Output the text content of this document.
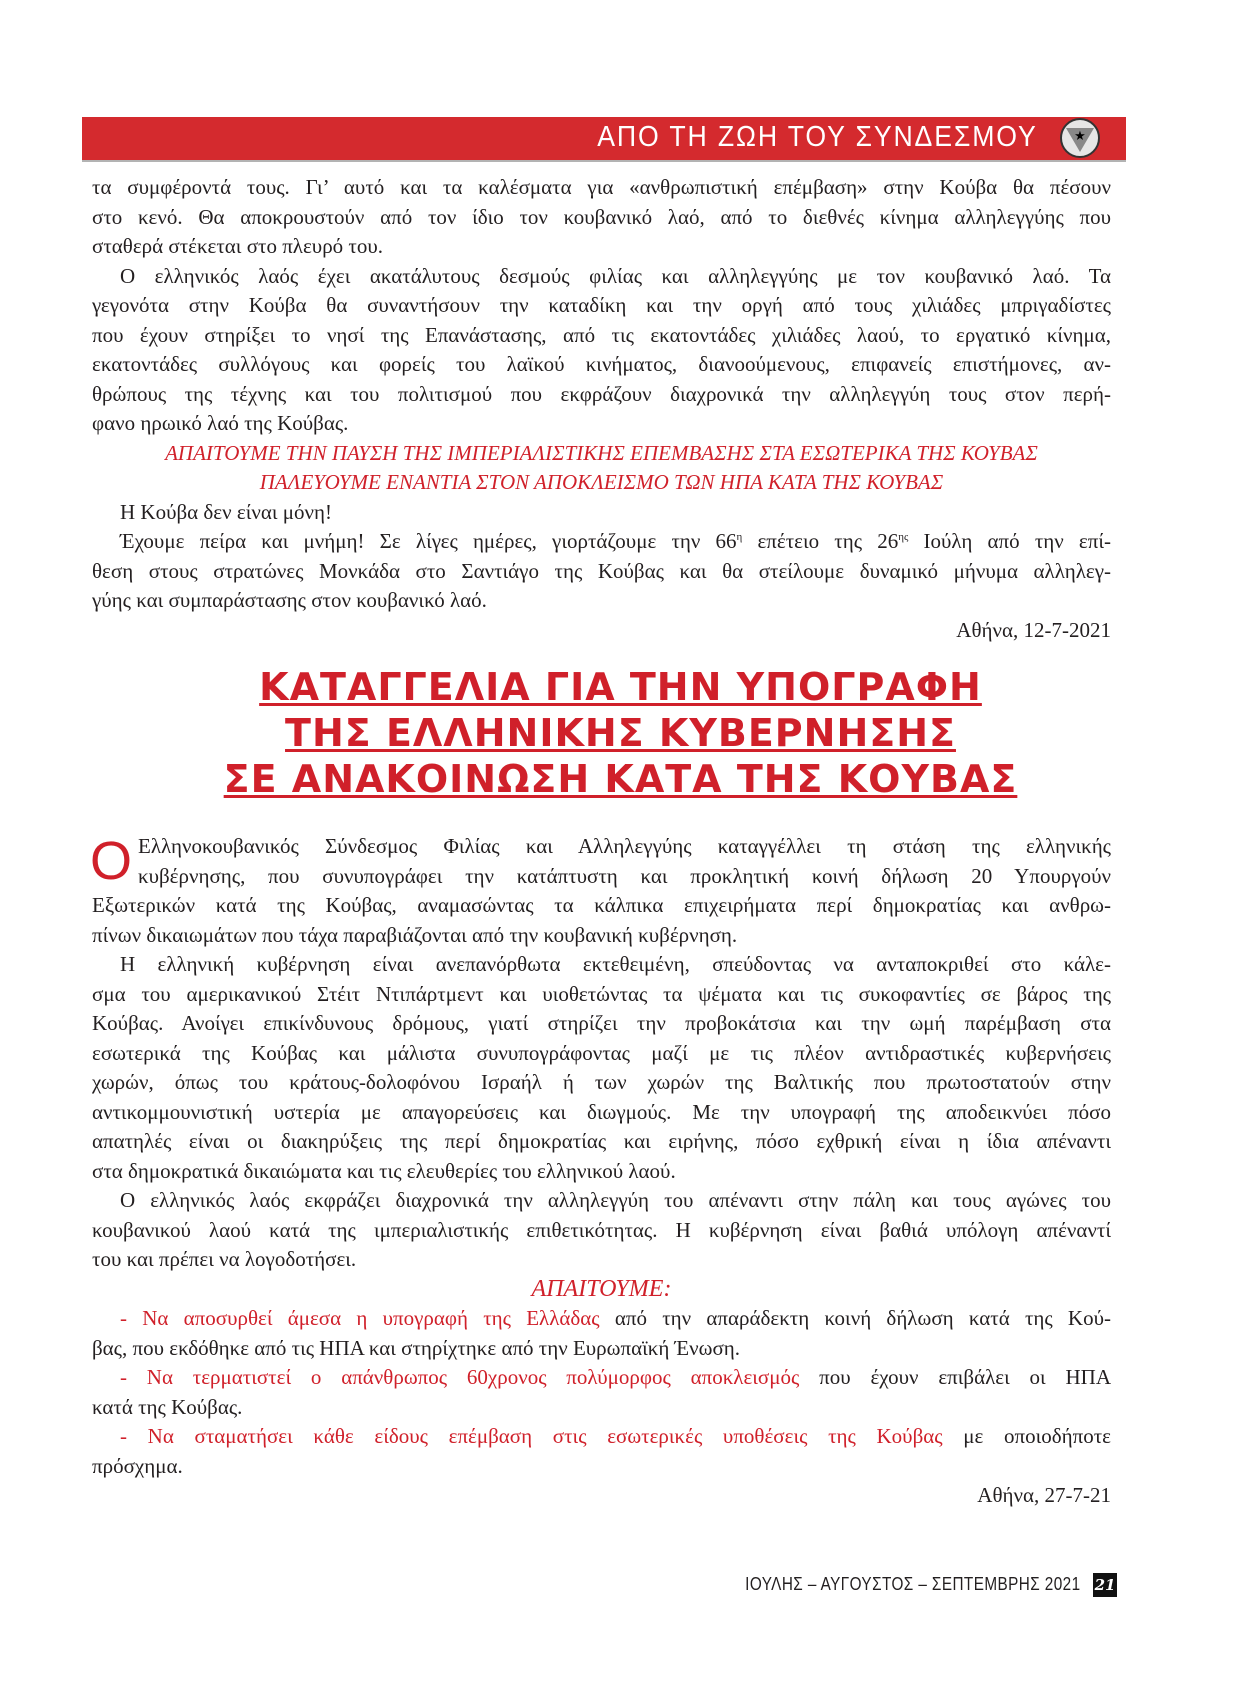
ΑΠΟ ΤΗ ΖΩΗ ΤΟΥ ΣΥΝΔΕΣΜΟΥ	★
τα συμφέροντά τους. Γι’ αυτό και τα καλέσματα για «ανθρωπιστική επέμβαση» στην Κούβα θα πέσουν
στο κενό. Θα αποκρουστούν από τον ίδιο τον κουβανικό λαό, από το διεθνές κίνημα αλληλεγγύης που
σταθερά στέκεται στο πλευρό του.
Ο ελληνικός λαός έχει ακατάλυτους δεσμούς φιλίας και αλληλεγγύης με τον κουβανικό λαό. Τα
γεγονότα στην Κούβα θα συναντήσουν την καταδίκη και την οργή από τους χιλιάδες μπριγαδίστες
που έχουν στηρίξει το νησί της Επανάστασης, από τις εκατοντάδες χιλιάδες λαού, το εργατικό κίνημα,
εκατοντάδες συλλόγους και φορείς του λαϊκού κινήματος, διανοούμενους, επιφανείς επιστήμονες, αν-
θρώπους της τέχνης και του πολιτισμού που εκφράζουν διαχρονικά την αλληλεγγύη τους στον περή-
φανο ηρωικό λαό της Κούβας.
ΑΠΑΙΤΟΥΜΕ ΤΗΝ ΠΑΥΣΗ ΤΗΣ ΙΜΠΕΡΙΑΛΙΣΤΙΚΗΣ ΕΠΕΜΒΑΣΗΣ ΣΤΑ ΕΣΩΤΕΡΙΚΑ ΤΗΣ ΚΟΥΒΑΣ
ΠΑΛΕΥΟΥΜΕ ΕΝΑΝΤΙΑ ΣΤΟΝ ΑΠΟΚΛΕΙΣΜΟ ΤΩΝ ΗΠΑ ΚΑΤΑ ΤΗΣ ΚΟΥΒΑΣ
Η Κούβα δεν είναι μόνη!
Έχουμε πείρα και μνήμη! Σε λίγες ημέρες, γιορτάζουμε την $66^\eta$ επέτειο της $26^{\eta\varsigma}$ Ιούλη από την επί-
θεση στους στρατώνες Μονκάδα στο Σαντιάγο της Κούβας και θα στείλουμε δυναμικό μήνυμα αλληλεγ-
γύης και συμπαράστασης στον κουβανικό λαό.
Αθήνα, 12-7-2021
ΚΑΤΑΓΓΕΛΙΑ ΓΙΑ ΤΗΝ ΥΠΟΓΡΑΦΗ
ΤΗΣ ΕΛΛΗΝΙΚΗΣ ΚΥΒΕΡΝΗΣΗΣ
ΣΕ ΑΝΑΚΟΙΝΩΣΗ ΚΑΤΑ ΤΗΣ ΚΟΥΒΑΣ
Ο Ελληνοκουβανικός Σύνδεσμος Φιλίας και Αλληλεγγύης καταγγέλλει τη στάση της ελληνικής
κυβέρνησης, που συνυπογράφει την κατάπτυστη και προκλητική κοινή δήλωση 20 Υπουργούν
Εξωτερικών κατά της Κούβας, αναμασώντας τα κάλπικα επιχειρήματα περί δημοκρατίας και ανθρω-
πίνων δικαιωμάτων που τάχα παραβιάζονται από την κουβανική κυβέρνηση.
Η ελληνική κυβέρνηση είναι ανεπανόρθωτα εκτεθειμένη, σπεύδοντας να ανταποκριθεί στο κάλε-
σμα του αμερικανικού Στέιτ Ντιπάρτμεντ και υιοθετώντας τα ψέματα και τις συκοφαντίες σε βάρος της
Κούβας. Ανοίγει επικίνδυνους δρόμους, γιατί στηρίζει την προβοκάτσια και την ωμή παρέμβαση στα
εσωτερικά της Κούβας και μάλιστα συνυπογράφοντας μαζί με τις πλέον αντιδραστικές κυβερνήσεις
χωρών, όπως του κράτους-δολοφόνου Ισραήλ ή των χωρών της Βαλτικής που πρωτοστατούν στην
αντικομμουνιστική υστερία με απαγορεύσεις και διωγμούς. Με την υπογραφή της αποδεικνύει πόσο
απατηλές είναι οι διακηρύξεις της περί δημοκρατίας και ειρήνης, πόσο εχθρική είναι η ίδια απέναντι
στα δημοκρατικά δικαιώματα και τις ελευθερίες του ελληνικού λαού.
Ο ελληνικός λαός εκφράζει διαχρονικά την αλληλεγγύη του απέναντι στην πάλη και τους αγώνες του
κουβανικού λαού κατά της ιμπεριαλιστικής επιθετικότητας. Η κυβέρνηση είναι βαθιά υπόλογη απέναντί
του και πρέπει να λογοδοτήσει.
ΑΠΑΙΤΟΥΜΕ:
- Να αποσυρθεί άμεσα η υπογραφή της Ελλάδας από την απαράδεκτη κοινή δήλωση κατά της Κού-
βας, που εκδόθηκε από τις ΗΠΑ και στηρίχτηκε από την Ευρωπαϊκή Ένωση.
- Να τερματιστεί ο απάνθρωπος 60χρονος πολύμορφος αποκλεισμός που έχουν επιβάλει οι ΗΠΑ
κατά της Κούβας.
- Να σταματήσει κάθε είδους επέμβαση στις εσωτερικές υποθέσεις της Κούβας με οποιοδήποτε
πρόσχημα.
Αθήνα, 27-7-21
ΙΟΥΛΗΣ – ΑΥΓΟΥΣΤΟΣ – ΣΕΠΤΕΜΒΡΗΣ 2021 21
